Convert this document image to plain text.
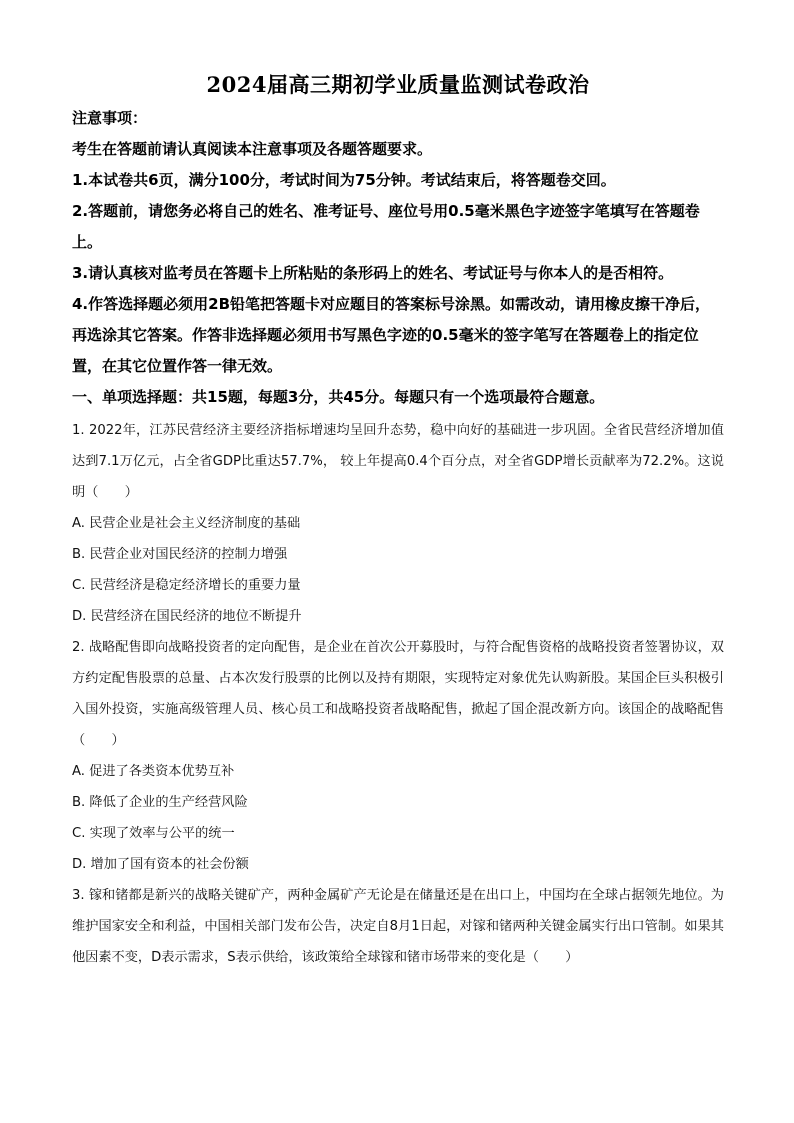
2024届高三期初学业质量监测试卷政治

注意事项：

考生在答题前请认真阅读本注意事项及各题答题要求。

1.本试卷共6页，满分100分，考试时间为75分钟。考试结束后，将答题卷交回。

2.答题前，请您务必将自己的姓名、准考证号、座位号用0.5毫米黑色字迹签字笔填写在答题卷上。

3.请认真核对监考员在答题卡上所粘贴的条形码上的姓名、考试证号与你本人的是否相符。

4.作答选择题必须用2B铅笔把答题卡对应题目的答案标号涂黑。如需改动，请用橡皮擦干净后，再选涂其它答案。作答非选择题必须用书写黑色字迹的0.5毫米的签字笔写在答题卷上的指定位置，在其它位置作答一律无效。

一、单项选择题：共15题，每题3分，共45分。每题只有一个选项最符合题意。

1. 2022年，江苏民营经济主要经济指标增速均呈回升态势，稳中向好的基础进一步巩固。全省民营经济增加值达到7.1万亿元，占全省GDP比重达57.7%， 较上年提高0.4个百分点，对全省GDP增长贡献率为72.2%。这说明（　　）

A. 民营企业是社会主义经济制度的基础

B. 民营企业对国民经济的控制力增强

C. 民营经济是稳定经济增长的重要力量

D. 民营经济在国民经济的地位不断提升

2. 战略配售即向战略投资者的定向配售，是企业在首次公开募股时，与符合配售资格的战略投资者签署协议，双方约定配售股票的总量、占本次发行股票的比例以及持有期限，实现特定对象优先认购新股。某国企巨头积极引入国外投资，实施高级管理人员、核心员工和战略投资者战略配售，掀起了国企混改新方向。该国企的战略配售（　　）

A. 促进了各类资本优势互补

B. 降低了企业的生产经营风险

C. 实现了效率与公平的统一

D. 增加了国有资本的社会份额

3. 镓和锗都是新兴的战略关键矿产，两种金属矿产无论是在储量还是在出口上，中国均在全球占据领先地位。为维护国家安全和利益，中国相关部门发布公告，决定自8月1日起，对镓和锗两种关键金属实行出口管制。如果其他因素不变，D表示需求，S表示供给，该政策给全球镓和锗市场带来的变化是（　　）
